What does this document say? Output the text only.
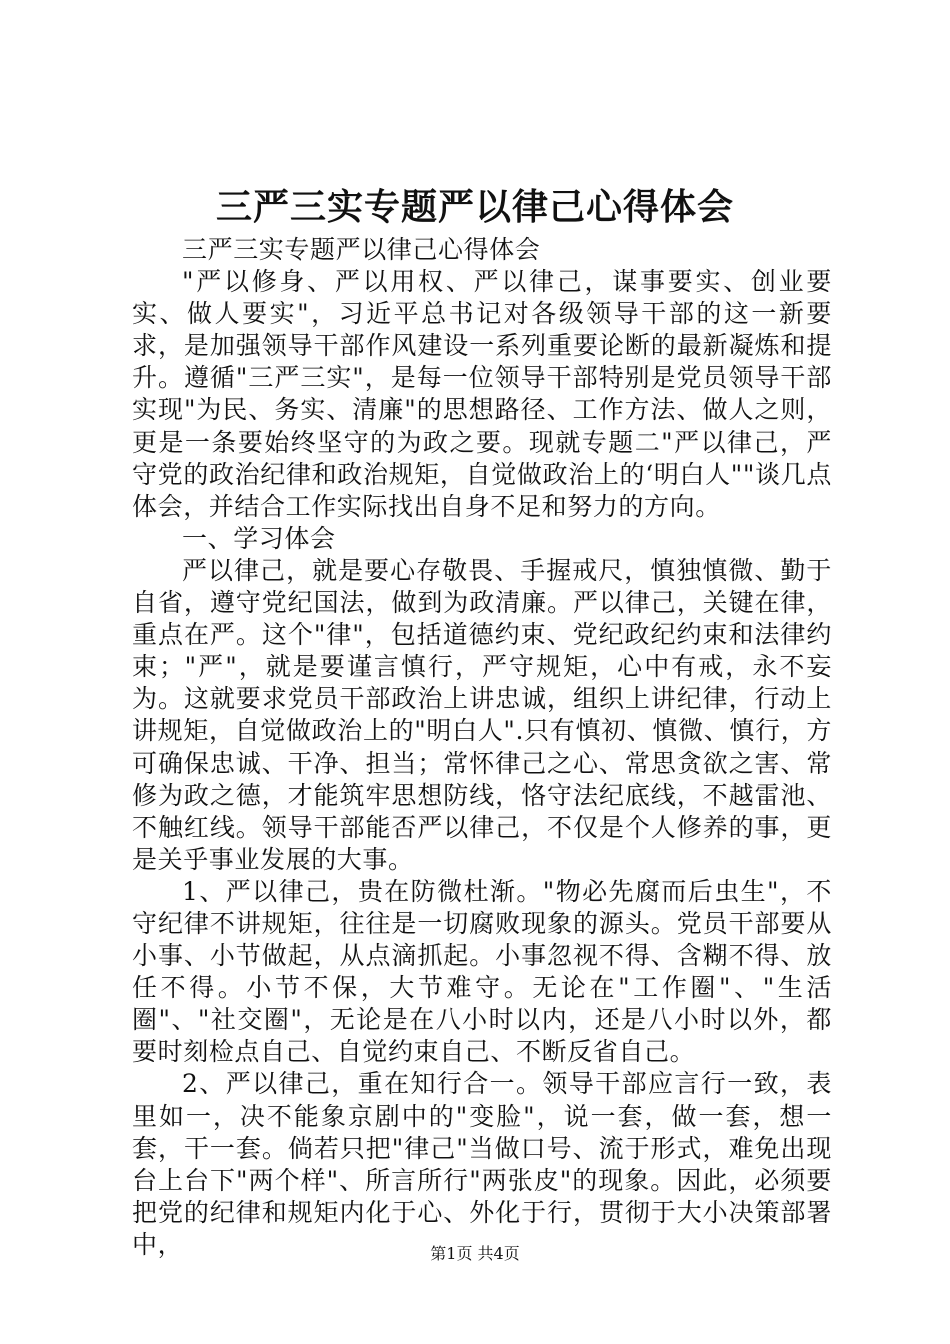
三严三实专题严以律己心得体会

三严三实专题严以律己心得体会

"严以修身、严以用权、严以律己，谋事要实、创业要实、做人要实"，习近平总书记对各级领导干部的这一新要求，是加强领导干部作风建设一系列重要论断的最新凝炼和提升。遵循"三严三实"，是每一位领导干部特别是党员领导干部实现"为民、务实、清廉"的思想路径、工作方法、做人之则，更是一条要始终坚守的为政之要。现就专题二"严以律己，严守党的政治纪律和政治规矩，自觉做政治上的‘明白人""谈几点体会，并结合工作实际找出自身不足和努力的方向。

一、学习体会

严以律己，就是要心存敬畏、手握戒尺，慎独慎微、勤于自省，遵守党纪国法，做到为政清廉。严以律己，关键在律，重点在严。这个"律"，包括道德约束、党纪政纪约束和法律约束；"严"，就是要谨言慎行，严守规矩，心中有戒，永不妄为。这就要求党员干部政治上讲忠诚，组织上讲纪律，行动上讲规矩，自觉做政治上的"明白人".只有慎初、慎微、慎行，方可确保忠诚、干净、担当；常怀律己之心、常思贪欲之害、常修为政之德，才能筑牢思想防线，恪守法纪底线，不越雷池、不触红线。领导干部能否严以律己，不仅是个人修养的事，更是关乎事业发展的大事。

1、严以律己，贵在防微杜渐。"物必先腐而后虫生"，不守纪律不讲规矩，往往是一切腐败现象的源头。党员干部要从小事、小节做起，从点滴抓起。小事忽视不得、含糊不得、放任不得。小节不保，大节难守。无论在"工作圈"、"生活圈"、"社交圈"，无论是在八小时以内，还是八小时以外，都要时刻检点自己、自觉约束自己、不断反省自己。

2、严以律己，重在知行合一。领导干部应言行一致，表里如一，决不能象京剧中的"变脸"，说一套，做一套，想一套，干一套。倘若只把"律己"当做口号、流于形式，难免出现台上台下"两个样"、所言所行"两张皮"的现象。因此，必须要把党的纪律和规矩内化于心、外化于行，贯彻于大小决策部署中，	第1页 共4页
